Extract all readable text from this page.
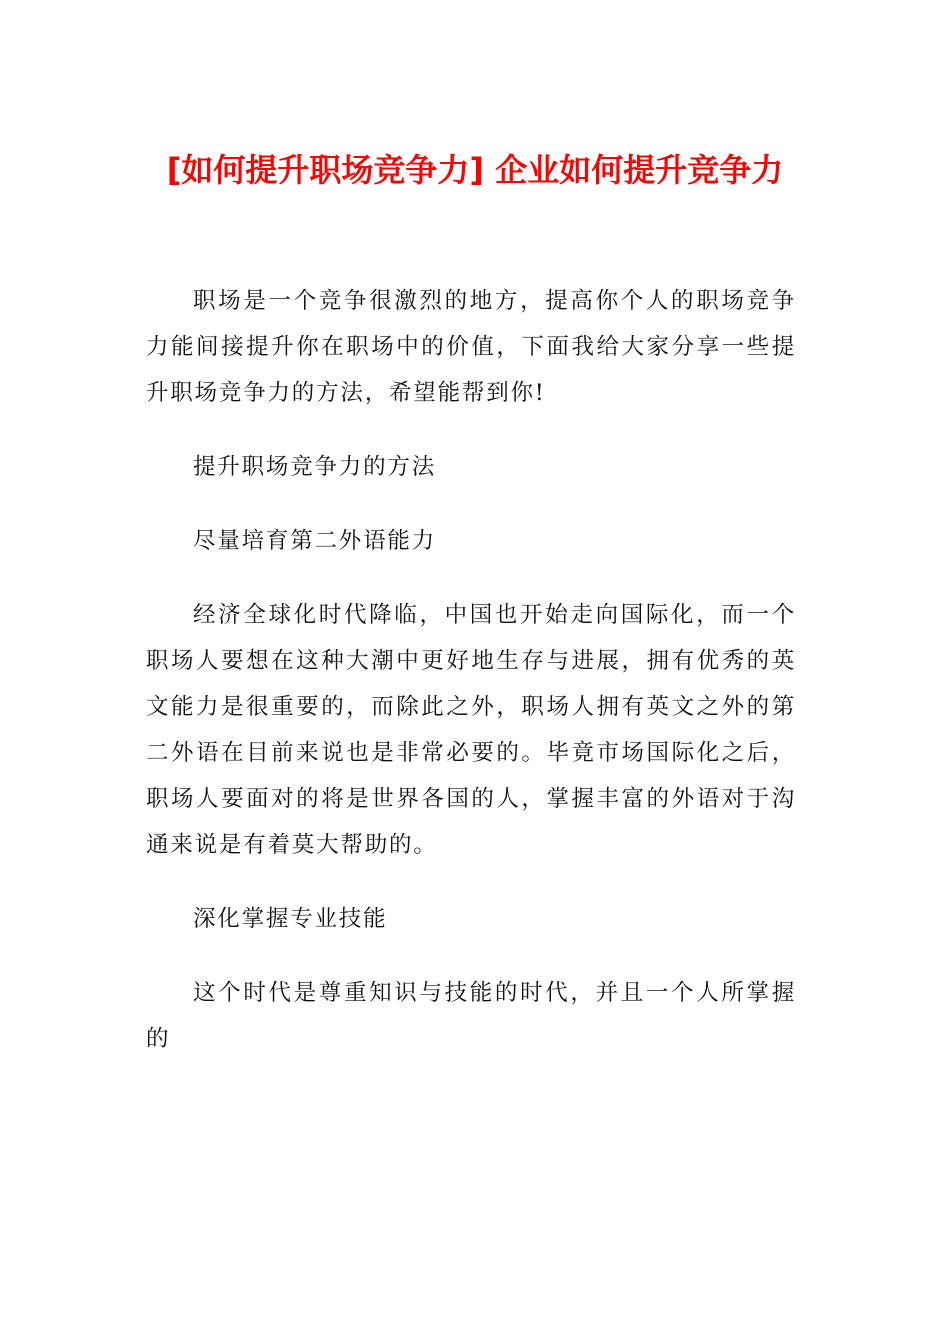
[如何提升职场竞争力] 企业如何提升竞争力

职场是一个竞争很激烈的地方，提高你个人的职场竞争力能间接提升你在职场中的价值，下面我给大家分享一些提升职场竞争力的方法，希望能帮到你!

提升职场竞争力的方法

尽量培育第二外语能力

经济全球化时代降临，中国也开始走向国际化，而一个职场人要想在这种大潮中更好地生存与进展，拥有优秀的英文能力是很重要的，而除此之外，职场人拥有英文之外的第二外语在目前来说也是非常必要的。毕竟市场国际化之后，职场人要面对的将是世界各国的人，掌握丰富的外语对于沟通来说是有着莫大帮助的。

深化掌握专业技能

这个时代是尊重知识与技能的时代，并且一个人所掌握的
